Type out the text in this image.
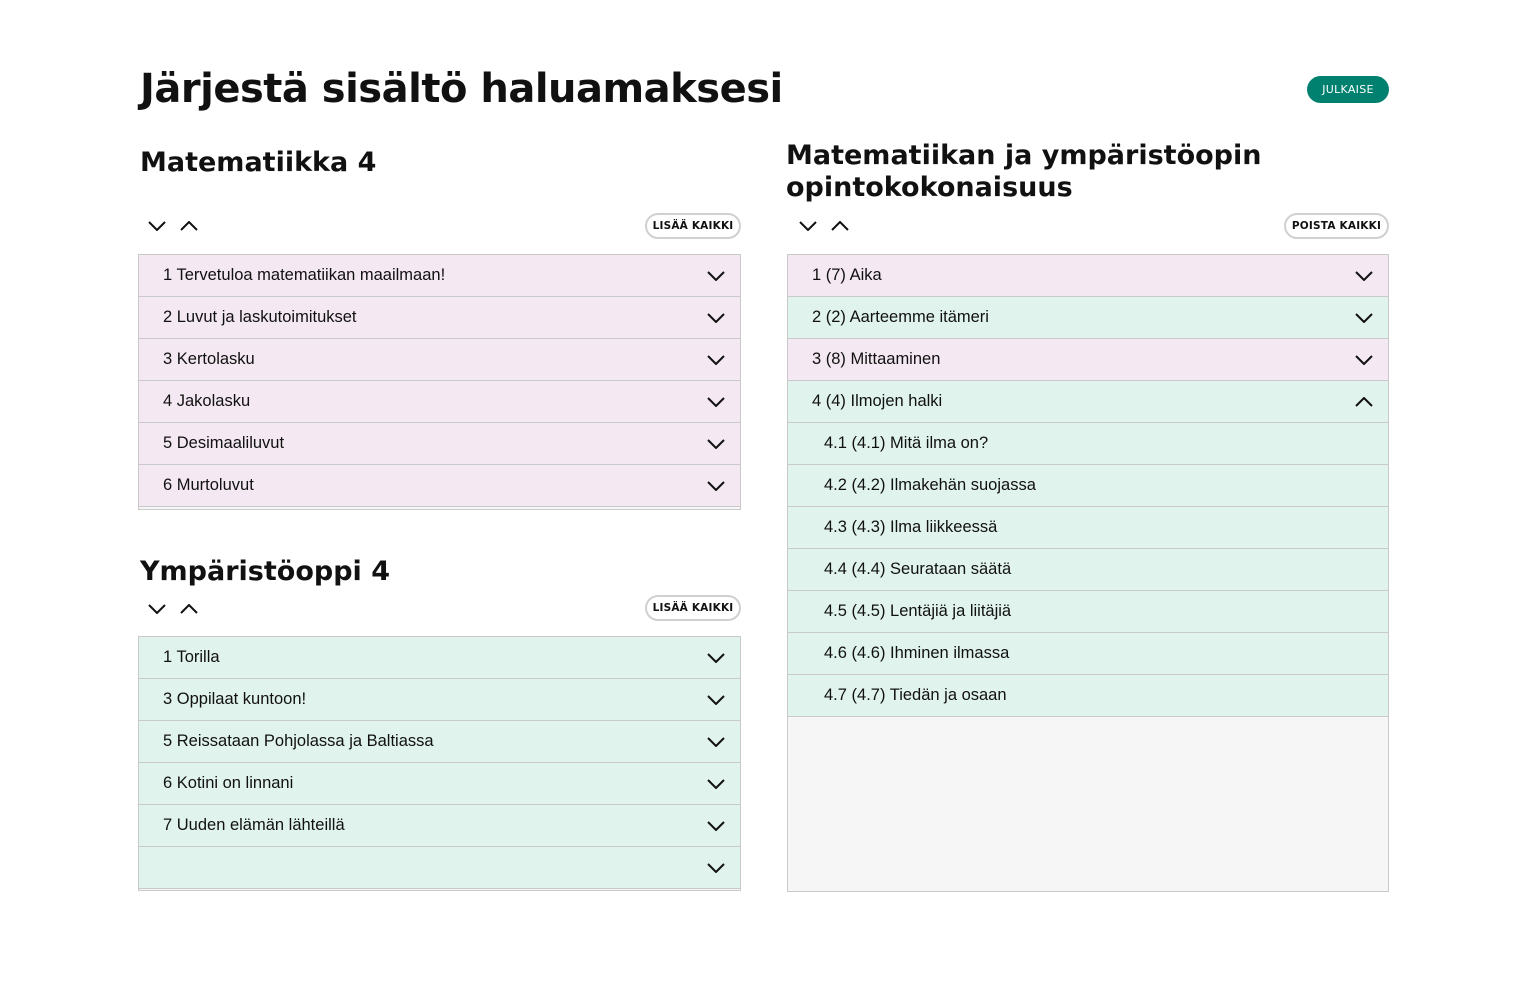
Järjestä sisältö haluamaksesi	JULKAISE
Matematiikka 4
LISÄÄ KAIKKI
1 Tervetuloa matematiikan maailmaan!
2 Luvut ja laskutoimitukset
3 Kertolasku
4 Jakolasku
5 Desimaaliluvut
6 Murtoluvut
Ympäristöoppi 4
LISÄÄ KAIKKI
1 Torilla
3 Oppilaat kuntoon!
5 Reissataan Pohjolassa ja Baltiassa
6 Kotini on linnani
7 Uuden elämän lähteillä
Matematiikan ja ympäristöopin
opintokokonaisuus
POISTA KAIKKI
1 (7) Aika
2 (2) Aarteemme itämeri
3 (8) Mittaaminen
4 (4) Ilmojen halki
4.1 (4.1) Mitä ilma on?
4.2 (4.2) Ilmakehän suojassa
4.3 (4.3) Ilma liikkeessä
4.4 (4.4) Seurataan säätä
4.5 (4.5) Lentäjiä ja liitäjiä
4.6 (4.6) Ihminen ilmassa
4.7 (4.7) Tiedän ja osaan
